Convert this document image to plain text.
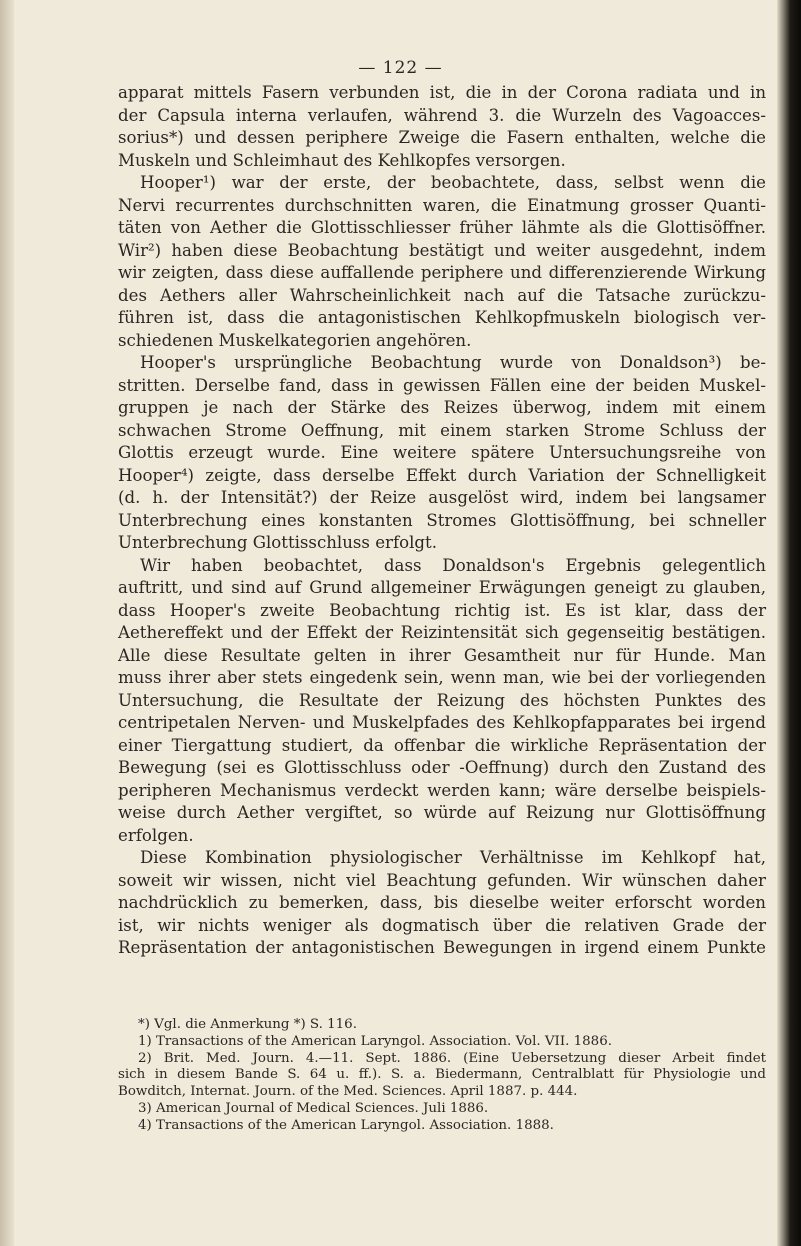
— 122 —
apparat mittels Fasern verbunden ist, die in der Corona radiata und in
der Capsula interna verlaufen, während 3. die Wurzeln des Vagoacces-
sorius*) und dessen periphere Zweige die Fasern enthalten, welche die
Muskeln und Schleimhaut des Kehlkopfes versorgen.
Hooper¹) war der erste, der beobachtete, dass, selbst wenn die
Nervi recurrentes durchschnitten waren, die Einatmung grosser Quanti-
täten von Aether die Glottisschliesser früher lähmte als die Glottisöffner.
Wir²) haben diese Beobachtung bestätigt und weiter ausgedehnt, indem
wir zeigten, dass diese auffallende periphere und differenzierende Wirkung
des Aethers aller Wahrscheinlichkeit nach auf die Tatsache zurückzu-
führen ist, dass die antagonistischen Kehlkopfmuskeln biologisch ver-
schiedenen Muskelkategorien angehören.
Hooper's ursprüngliche Beobachtung wurde von Donaldson³) be-
stritten. Derselbe fand, dass in gewissen Fällen eine der beiden Muskel-
gruppen je nach der Stärke des Reizes überwog, indem mit einem
schwachen Strome Oeffnung, mit einem starken Strome Schluss der
Glottis erzeugt wurde. Eine weitere spätere Untersuchungsreihe von
Hooper⁴) zeigte, dass derselbe Effekt durch Variation der Schnelligkeit
(d. h. der Intensität?) der Reize ausgelöst wird, indem bei langsamer
Unterbrechung eines konstanten Stromes Glottisöffnung, bei schneller
Unterbrechung Glottisschluss erfolgt.
Wir haben beobachtet, dass Donaldson's Ergebnis gelegentlich
auftritt, und sind auf Grund allgemeiner Erwägungen geneigt zu glauben,
dass Hooper's zweite Beobachtung richtig ist. Es ist klar, dass der
Aethereffekt und der Effekt der Reizintensität sich gegenseitig bestätigen.
Alle diese Resultate gelten in ihrer Gesamtheit nur für Hunde. Man
muss ihrer aber stets eingedenk sein, wenn man, wie bei der vorliegenden
Untersuchung, die Resultate der Reizung des höchsten Punktes des
centripetalen Nerven- und Muskelpfades des Kehlkopfapparates bei irgend
einer Tiergattung studiert, da offenbar die wirkliche Repräsentation der
Bewegung (sei es Glottisschluss oder -Oeffnung) durch den Zustand des
peripheren Mechanismus verdeckt werden kann; wäre derselbe beispiels-
weise durch Aether vergiftet, so würde auf Reizung nur Glottisöffnung
erfolgen.
Diese Kombination physiologischer Verhältnisse im Kehlkopf hat,
soweit wir wissen, nicht viel Beachtung gefunden. Wir wünschen daher
nachdrücklich zu bemerken, dass, bis dieselbe weiter erforscht worden
ist, wir nichts weniger als dogmatisch über die relativen Grade der
Repräsentation der antagonistischen Bewegungen in irgend einem Punkte
*) Vgl. die Anmerkung *) S. 116.
1) Transactions of the American Laryngol. Association. Vol. VII. 1886.
2) Brit. Med. Journ. 4.—11. Sept. 1886. (Eine Uebersetzung dieser Arbeit findet
sich in diesem Bande S. 64 u. ff.). S. a. Biedermann, Centralblatt für Physiologie und
Bowditch, Internat. Journ. of the Med. Sciences. April 1887. p. 444.
3) American Journal of Medical Sciences. Juli 1886.
4) Transactions of the American Laryngol. Association. 1888.
